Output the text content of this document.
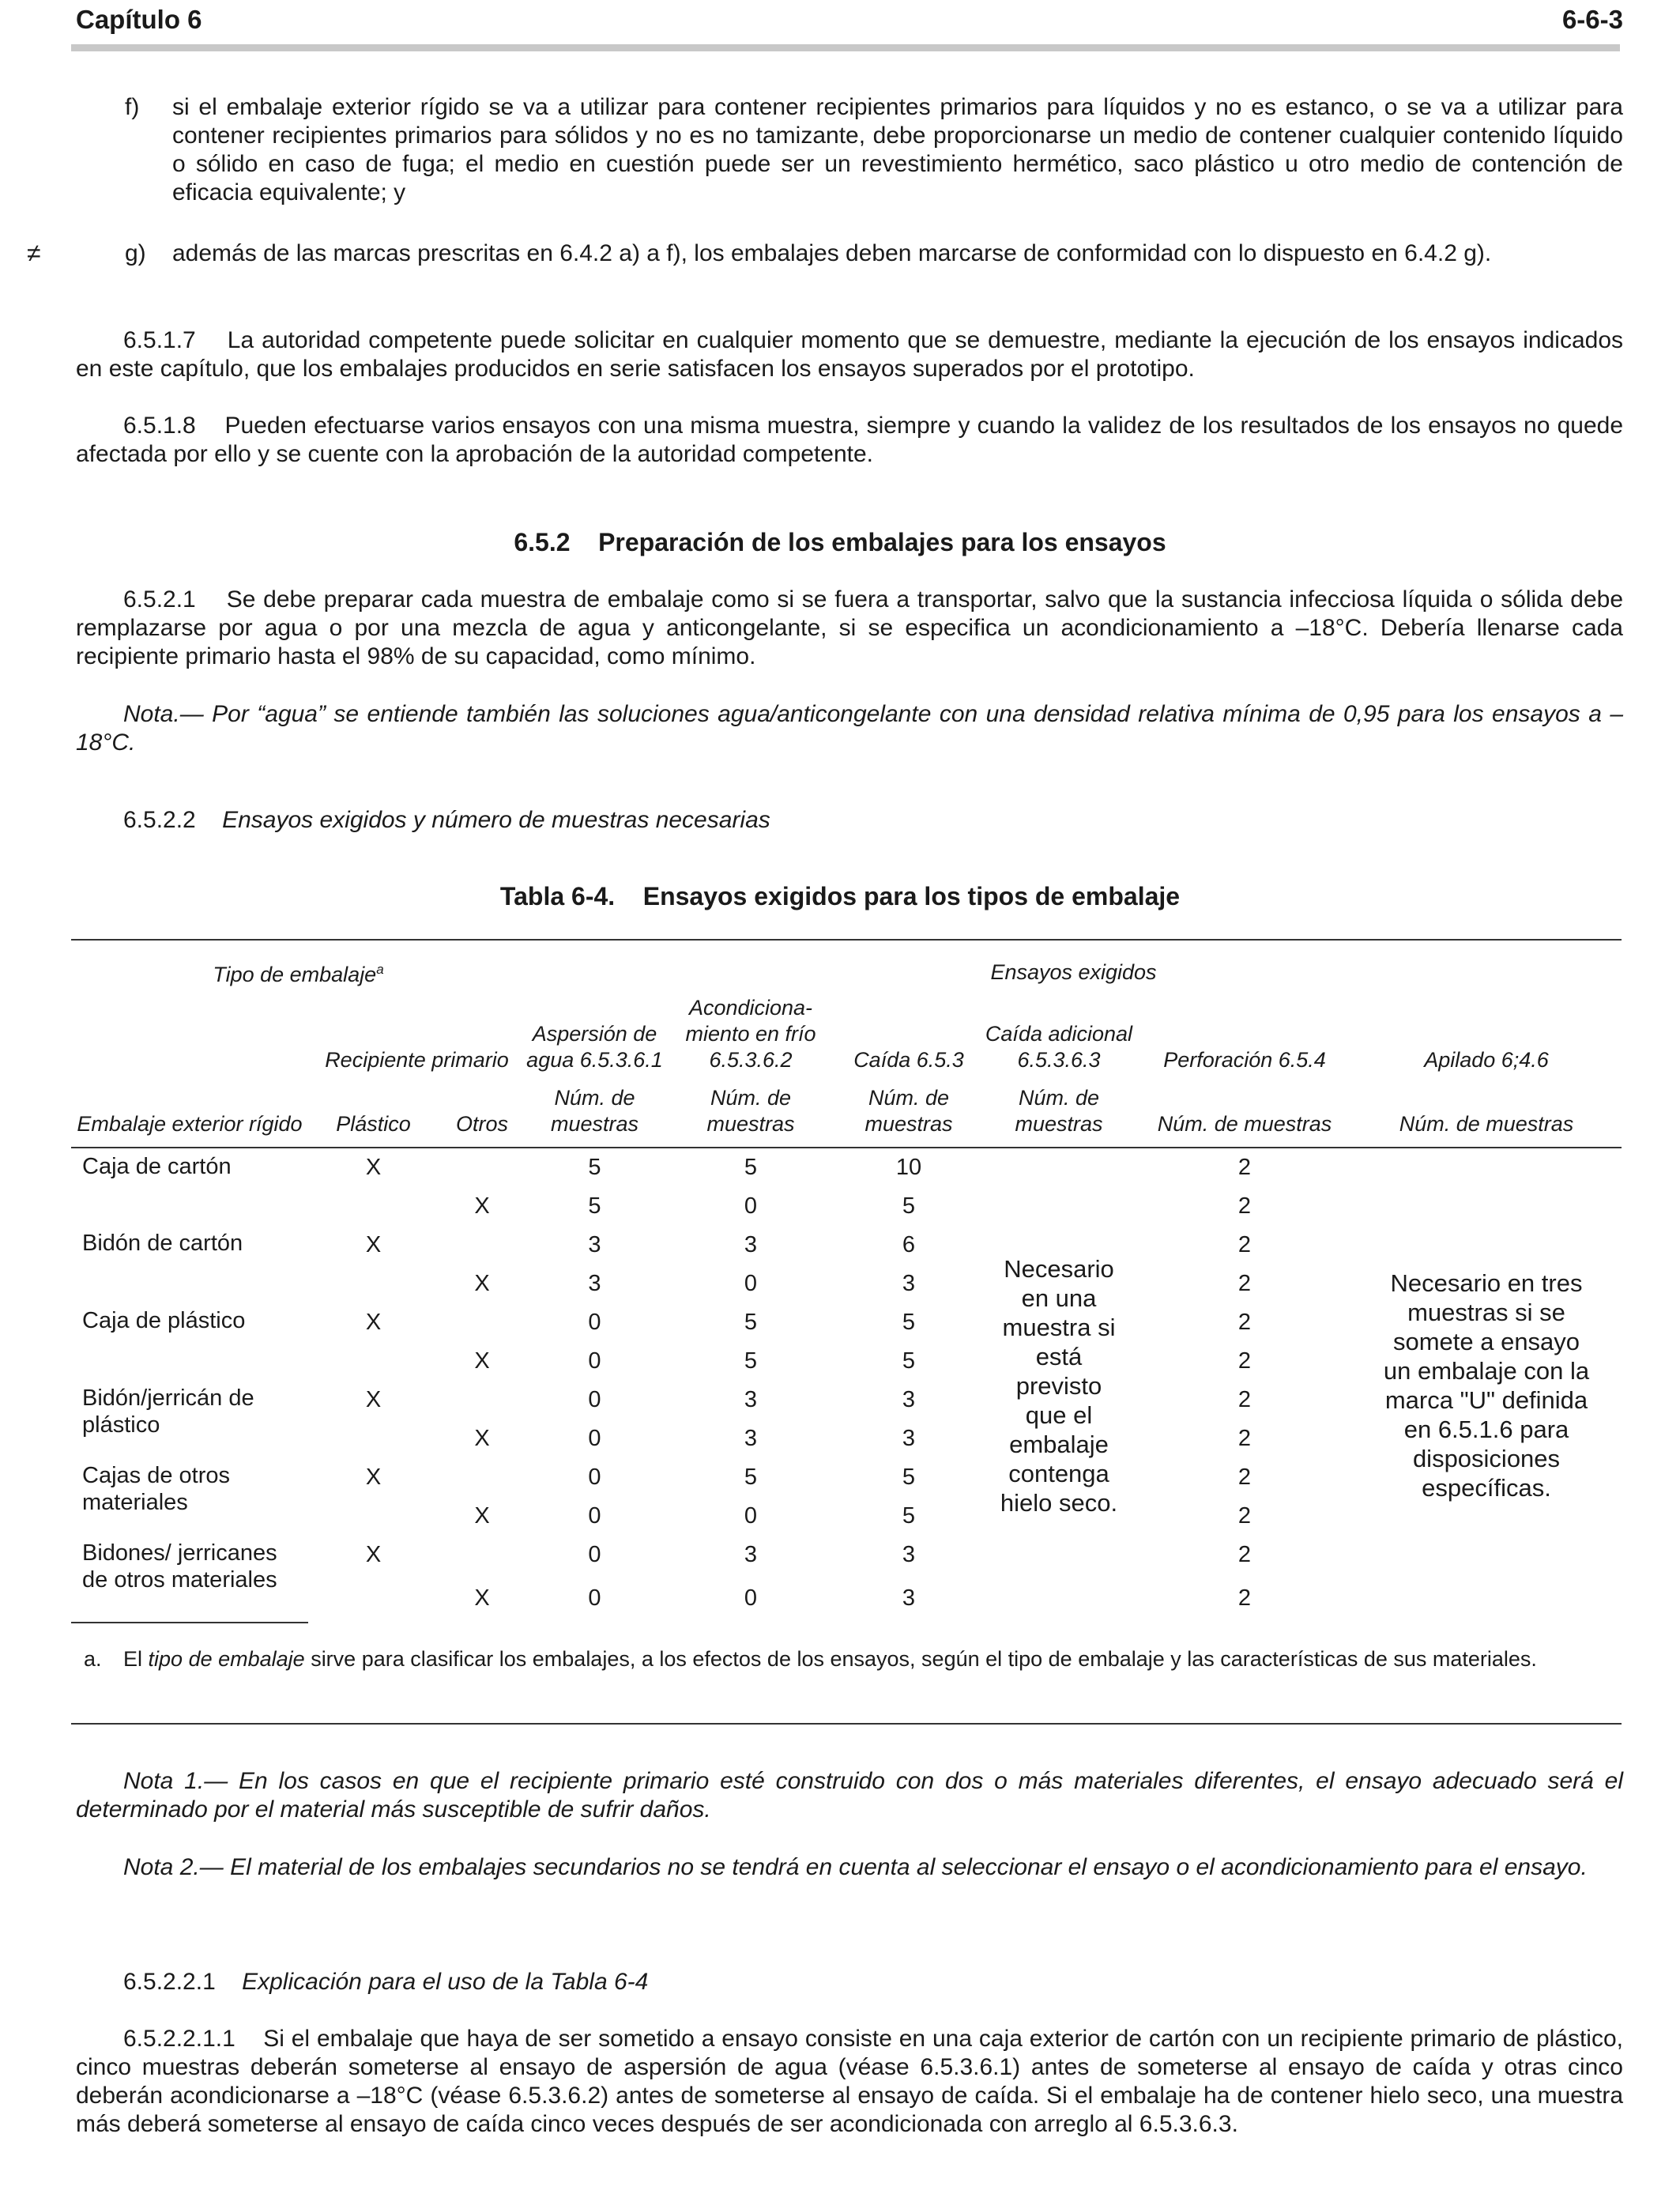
Capítulo 6	6-6-3
f) si el embalaje exterior rígido se va a utilizar para contener recipientes primarios para líquidos y no es estanco, o se va a utilizar para contener recipientes primarios para sólidos y no es no tamizante, debe proporcionarse un medio de contener cualquier contenido líquido o sólido en caso de fuga; el medio en cuestión puede ser un revestimiento hermético, saco plástico u otro medio de contención de eficacia equivalente; y
≠	g) además de las marcas prescritas en 6.4.2 a) a f), los embalajes deben marcarse de conformidad con lo dispuesto en 6.4.2 g).
6.5.1.7 La autoridad competente puede solicitar en cualquier momento que se demuestre, mediante la ejecución de los ensayos indicados en este capítulo, que los embalajes producidos en serie satisfacen los ensayos superados por el prototipo.
6.5.1.8 Pueden efectuarse varios ensayos con una misma muestra, siempre y cuando la validez de los resultados de los ensayos no quede afectada por ello y se cuente con la aprobación de la autoridad competente.
6.5.2 Preparación de los embalajes para los ensayos
6.5.2.1 Se debe preparar cada muestra de embalaje como si se fuera a transportar, salvo que la sustancia infecciosa líquida o sólida debe remplazarse por agua o por una mezcla de agua y anticongelante, si se especifica un acondicionamiento a –18°C. Debería llenarse cada recipiente primario hasta el 98% de su capacidad, como mínimo.
Nota.— Por “agua” se entiende también las soluciones agua/anticongelante con una densidad relativa mínima de 0,95 para los ensayos a –18°C.
6.5.2.2 Ensayos exigidos y número de muestras necesarias
Tabla 6-4. Ensayos exigidos para los tipos de embalaje
Tipo de embalaje$^a$			Ensayos exigidos					
	Recipiente primario		Aspersión de agua 6.5.3.6.1	Acondiciona-miento en frío 6.5.3.6.2	Caída 6.5.3	Caída adicional 6.5.3.6.3	Perforación 6.5.4	Apilado 6;4.6
Embalaje exterior rígido	Plástico	Otros	Núm. de muestras	Núm. de muestras	Núm. de muestras	Núm. de muestras	Núm. de muestras	Núm. de muestras
Caja de cartón	X		5	5	10	Necesario en una muestra si está previsto que el embalaje contenga hielo seco.	2	Necesario en tres muestras si se somete a ensayo un embalaje con la marca "U" definida en 6.5.1.6 para disposiciones específicas.
		X	5	0	5		2	
Bidón de cartón	X		3	3	6		2	
		X	3	0	3		2	
Caja de plástico	X		0	5	5		2	
		X	0	5	5		2	
Bidón/jerricán de plástico	X		0	3	3		2	
		X	0	3	3		2	
Cajas de otros materiales	X		0	5	5		2	
		X	0	0	5		2	
Bidones/ jerricanes de otros materiales	X		0	3	3		2	
		X	0	0	3		2	
a. El tipo de embalaje sirve para clasificar los embalajes, a los efectos de los ensayos, según el tipo de embalaje y las características de sus materiales.
Nota 1.— En los casos en que el recipiente primario esté construido con dos o más materiales diferentes, el ensayo adecuado será el determinado por el material más susceptible de sufrir daños.
Nota 2.— El material de los embalajes secundarios no se tendrá en cuenta al seleccionar el ensayo o el acondicionamiento para el ensayo.
6.5.2.2.1 Explicación para el uso de la Tabla 6-4
6.5.2.2.1.1 Si el embalaje que haya de ser sometido a ensayo consiste en una caja exterior de cartón con un recipiente primario de plástico, cinco muestras deberán someterse al ensayo de aspersión de agua (véase 6.5.3.6.1) antes de someterse al ensayo de caída y otras cinco deberán acondicionarse a –18°C (véase 6.5.3.6.2) antes de someterse al ensayo de caída. Si el embalaje ha de contener hielo seco, una muestra más deberá someterse al ensayo de caída cinco veces después de ser acondicionada con arreglo al 6.5.3.6.3.
